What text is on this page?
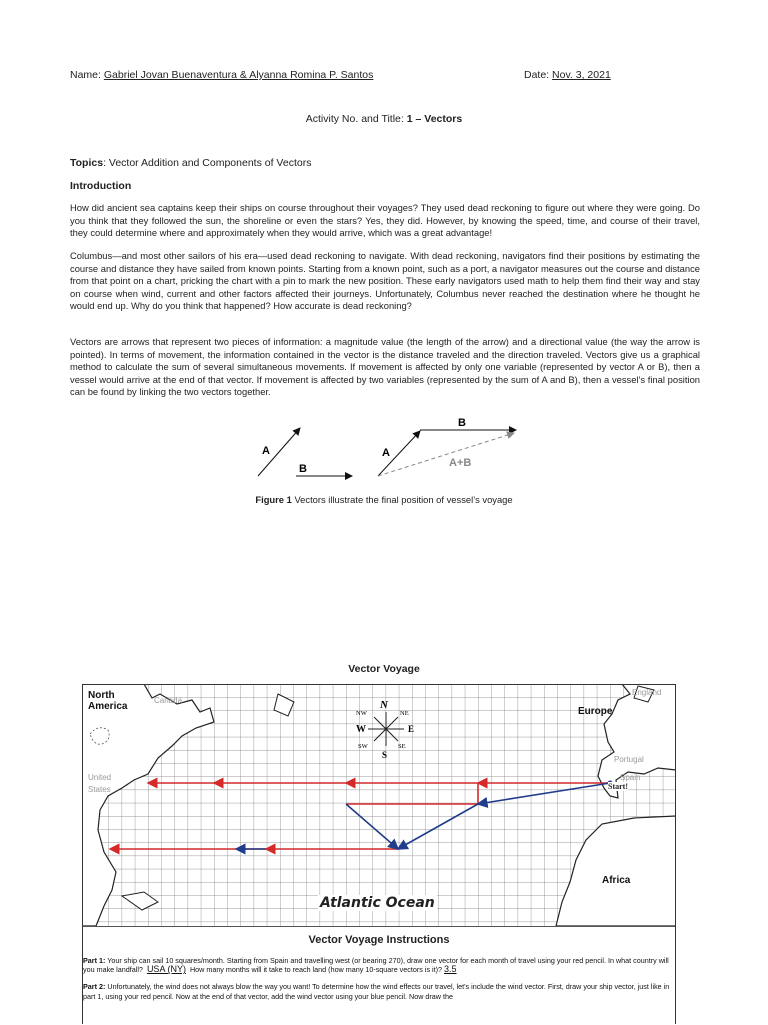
Name: Gabriel Jovan Buenaventura & Alyanna Romina P. Santos	Date: Nov. 3, 2021
Activity No. and Title: 1 – Vectors
Topics: Vector Addition and Components of Vectors
Introduction

How did ancient sea captains keep their ships on course throughout their voyages? They used dead reckoning to figure out where they were going. Do you think that they followed the sun, the shoreline or even the stars? Yes, they did. However, by knowing the speed, time, and course of their travel, they could determine where and approximately when they would arrive, which was a great advantage!

Columbus—and most other sailors of his era—used dead reckoning to navigate. With dead reckoning, navigators find their positions by estimating the course and distance they have sailed from known points. Starting from a known point, such as a port, a navigator measures out the course and distance from that point on a chart, pricking the chart with a pin to mark the new position. These early navigators used math to help them find their way and stay on course when wind, current and other factors affected their journeys. Unfortunately, Columbus never reached the destination where he thought he would end up. Why do you think that happened? How accurate is dead reckoning?

Vectors are arrows that represent two pieces of information: a magnitude value (the length of the arrow) and a directional value (the way the arrow is pointed). In terms of movement, the information contained in the vector is the distance traveled and the direction traveled. Vectors give us a graphical method to calculate the sum of several simultaneous movements. If movement is affected by only one variable (represented by vector A or B), then a vessel would arrive at the end of that vector. If movement is affected by two variables (represented by the sum of A and B), then a vessel's final position can be found by linking the two vectors together.

A
B
A
B
A+B
Figure 1 Vectors illustrate the final position of vessel’s voyage
Vector Voyage
N
S
E
W
NW	NE
SW	SE
North
America
Canada
United
States
England
Europe
Portugal
Spain
Start!
Africa
Atlantic Ocean
Vector Voyage Instructions

Part 1: Your ship can sail 10 squares/month. Starting from Spain and travelling west (or bearing 270), draw one vector for each month of travel using your red pencil. In what country will you make landfall? USA (NY) How many months will it take to reach land (how many 10-square vectors is it)? 3.5

Part 2: Unfortunately, the wind does not always blow the way you want! To determine how the wind effects our travel, let's include the wind vector. First, draw your ship vector, just like in part 1, using your red pencil. Now at the end of that vector, add the wind vector using your blue pencil. Now draw the
